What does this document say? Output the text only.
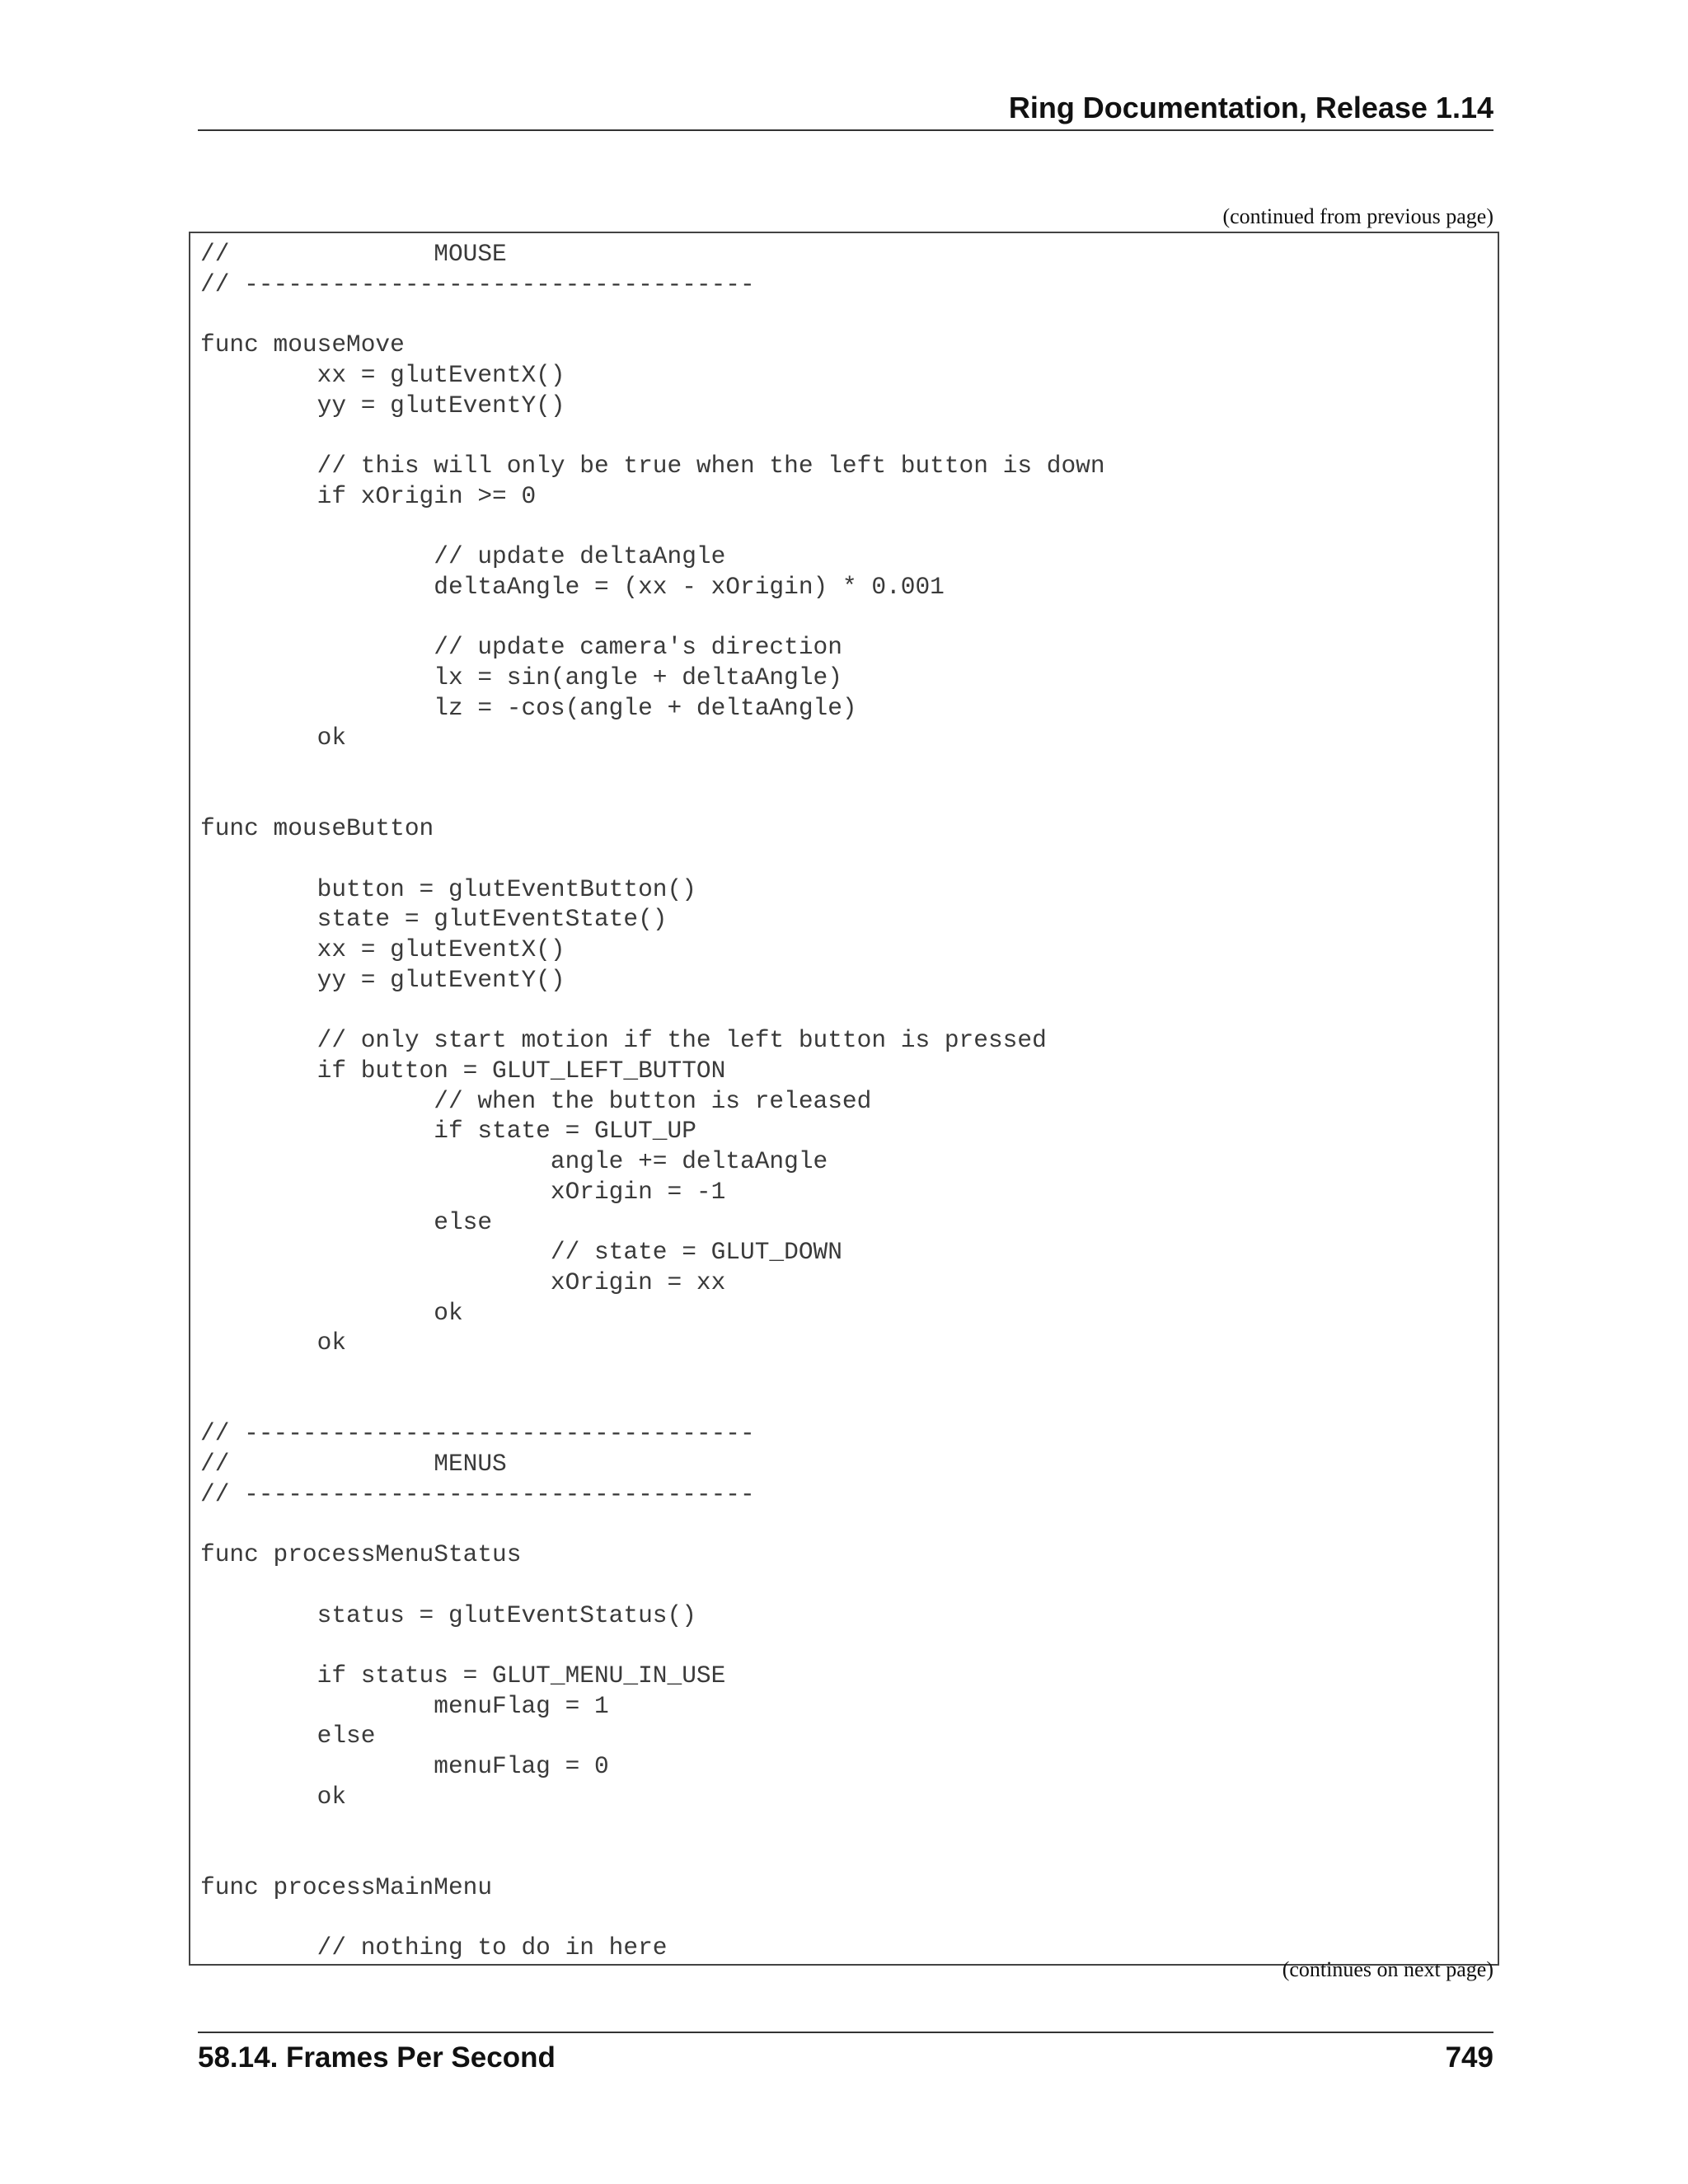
Ring Documentation, Release 1.14
(continued from previous page)
//		MOUSE
// -----------------------------------

func mouseMove
	xx = glutEventX()
	yy = glutEventY()

	// this will only be true when the left button is down
	if xOrigin >= 0

		// update deltaAngle
		deltaAngle = (xx - xOrigin) * 0.001

		// update camera's direction
		lx = sin(angle + deltaAngle)
		lz = -cos(angle + deltaAngle)
	ok

func mouseButton

	button = glutEventButton()
	state = glutEventState()
	xx = glutEventX()
	yy = glutEventY()

	// only start motion if the left button is pressed
	if button = GLUT_LEFT_BUTTON
		// when the button is released
		if state = GLUT_UP
			angle += deltaAngle
			xOrigin = -1
		else
			// state = GLUT_DOWN
			xOrigin = xx
		ok
	ok

// -----------------------------------
//		MENUS
// -----------------------------------

func processMenuStatus

	status = glutEventStatus()

	if status = GLUT_MENU_IN_USE
		menuFlag = 1
	else
		menuFlag = 0
	ok

func processMainMenu

	// nothing to do in here
(continues on next page)
58.14. Frames Per Second	749
